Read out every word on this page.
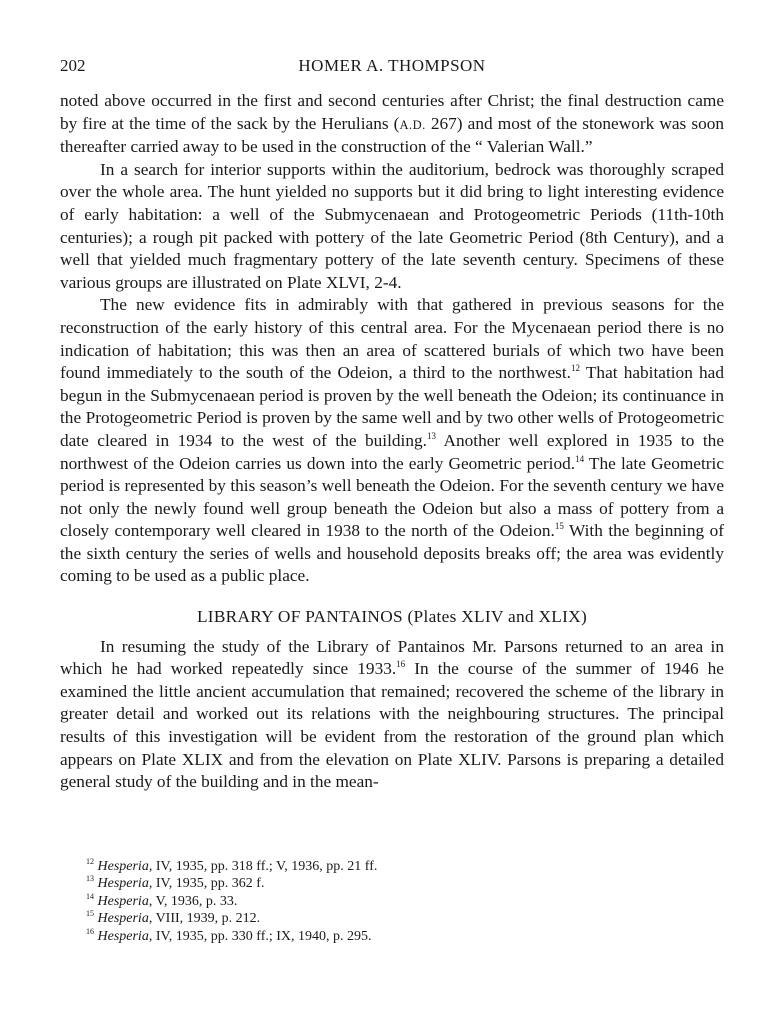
202	HOMER A. THOMPSON

noted above occurred in the first and second centuries after Christ; the final destruction came by fire at the time of the sack by the Herulians (A.D. 267) and most of the stonework was soon thereafter carried away to be used in the construction of the “ Valerian Wall.”

In a search for interior supports within the auditorium, bedrock was thoroughly scraped over the whole area. The hunt yielded no supports but it did bring to light interesting evidence of early habitation: a well of the Submycenaean and Protogeometric Periods (11th-10th centuries); a rough pit packed with pottery of the late Geometric Period (8th Century), and a well that yielded much fragmentary pottery of the late seventh century. Specimens of these various groups are illustrated on Plate XLVI, 2-4.

The new evidence fits in admirably with that gathered in previous seasons for the reconstruction of the early history of this central area. For the Mycenaean period there is no indication of habitation; this was then an area of scattered burials of which two have been found immediately to the south of the Odeion, a third to the northwest.$^{12}$ That habitation had begun in the Submycenaean period is proven by the well beneath the Odeion; its continuance in the Protogeometric Period is proven by the same well and by two other wells of Protogeometric date cleared in 1934 to the west of the building.$^{13}$ Another well explored in 1935 to the northwest of the Odeion carries us down into the early Geometric period.$^{14}$ The late Geometric period is represented by this season’s well beneath the Odeion. For the seventh century we have not only the newly found well group beneath the Odeion but also a mass of pottery from a closely contemporary well cleared in 1938 to the north of the Odeion.$^{15}$ With the beginning of the sixth century the series of wells and household deposits breaks off; the area was evidently coming to be used as a public place.

LIBRARY OF PANTAINOS (Plates XLIV and XLIX)

In resuming the study of the Library of Pantainos Mr. Parsons returned to an area in which he had worked repeatedly since 1933.16 In the course of the summer of 1946 he examined the little ancient accumulation that remained; recovered the scheme of the library in greater detail and worked out its relations with the neighbouring structures. The principal results of this investigation will be evident from the restoration of the ground plan which appears on Plate XLIX and from the elevation on Plate XLIV. Parsons is preparing a detailed general study of the building and in the mean-

$^{12}$ Hesperia, IV, 1935, pp. 318 ff.; V, 1936, pp. 21 ff.
$^{13}$ Hesperia, IV, 1935, pp. 362 f.
$^{14}$ Hesperia, V, 1936, p. 33.
$^{15}$ Hesperia, VIII, 1939, p. 212.
$^{16}$ Hesperia, IV, 1935, pp. 330 ff.; IX, 1940, p. 295.
